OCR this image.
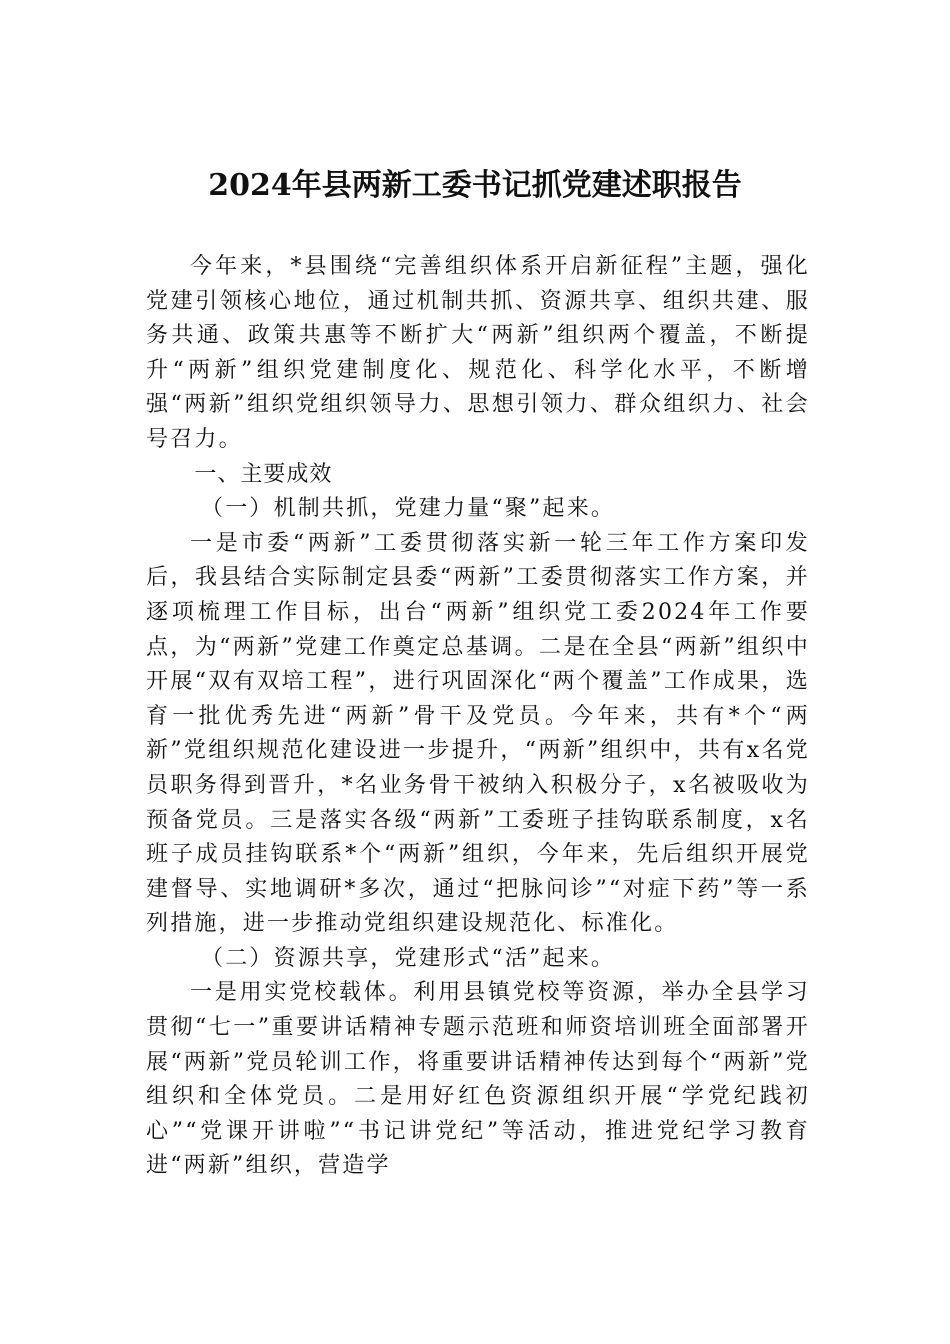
2024年县两新工委书记抓党建述职报告

今年来，*县围绕“完善组织体系开启新征程”主题，强化党建引领核心地位，通过机制共抓、资源共享、组织共建、服务共通、政策共惠等不断扩大“两新”组织两个覆盖，不断提升“两新”组织党建制度化、规范化、科学化水平，不断增强“两新”组织党组织领导力、思想引领力、群众组织力、社会号召力。

一、主要成效

（一）机制共抓，党建力量“聚”起来。

一是市委“两新”工委贯彻落实新一轮三年工作方案印发后，我县结合实际制定县委“两新”工委贯彻落实工作方案，并逐项梳理工作目标，出台“两新”组织党工委2024年工作要点，为“两新”党建工作奠定总基调。二是在全县“两新”组织中开展“双有双培工程”，进行巩固深化“两个覆盖”工作成果，选育一批优秀先进“两新”骨干及党员。今年来，共有*个“两新”党组织规范化建设进一步提升，“两新”组织中，共有x名党员职务得到晋升，*名业务骨干被纳入积极分子，x名被吸收为预备党员。三是落实各级“两新”工委班子挂钩联系制度，x名班子成员挂钩联系*个“两新”组织，今年来，先后组织开展党建督导、实地调研*多次，通过“把脉问诊”“对症下药”等一系列措施，进一步推动党组织建设规范化、标准化。

（二）资源共享，党建形式“活”起来。

一是用实党校载体。利用县镇党校等资源，举办全县学习贯彻“七一”重要讲话精神专题示范班和师资培训班全面部署开展“两新”党员轮训工作，将重要讲话精神传达到每个“两新”党组织和全体党员。二是用好红色资源组织开展“学党纪践初心”“党课开讲啦”“书记讲党纪”等活动，推进党纪学习教育进“两新”组织，营造学
